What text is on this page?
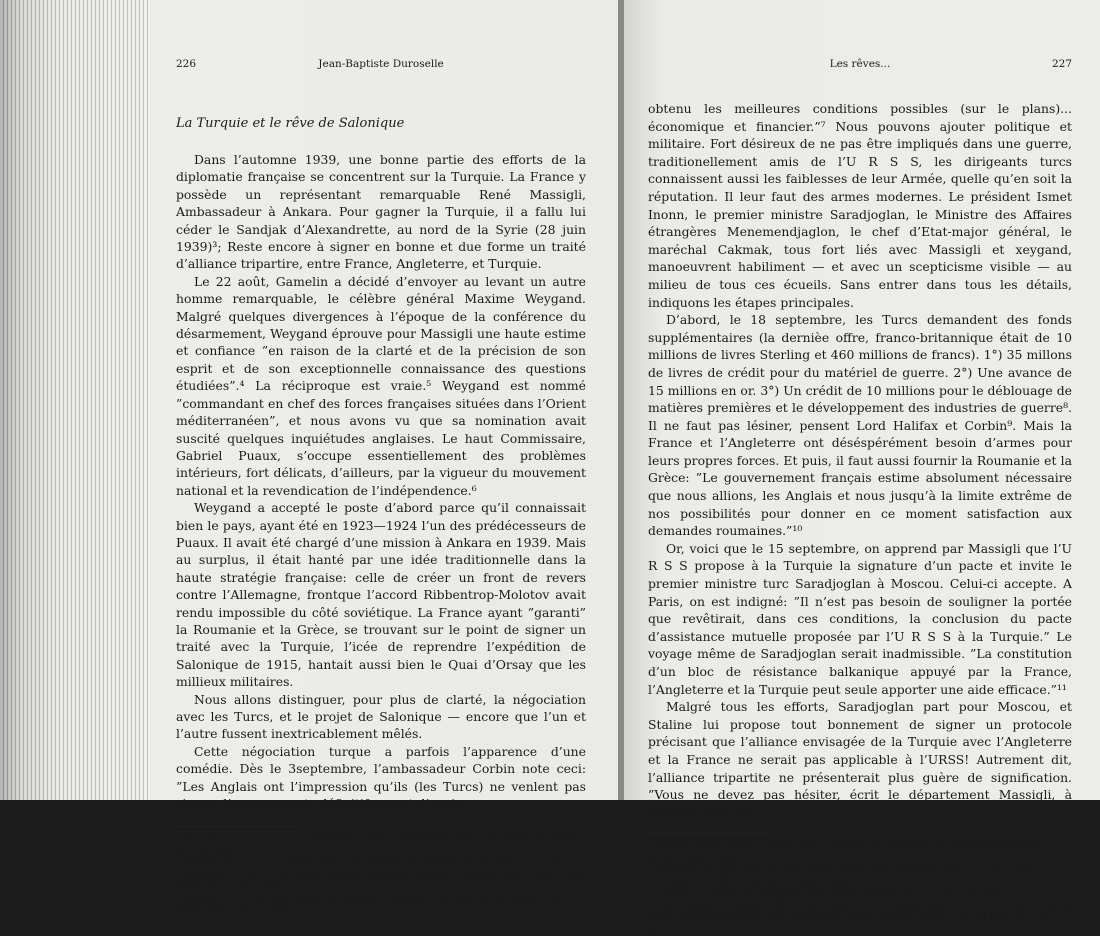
226	Jean-Baptiste Duroselle

La Turquie et le rêve de Salonique

Dans l’automne 1939, une bonne partie des efforts de la diplomatie française se concentrent sur la Turquie. La France y possède un représentant remarquable René Massigli, Ambassadeur à Ankara. Pour gagner la Turquie, il a fallu lui céder le Sandjak d’Alexandrette, au nord de la Syrie (28 juin 1939)³; Reste encore à signer en bonne et due forme un traité d’alliance tripartire, entre France, Angleterre, et Turquie.

Le 22 août, Gamelin a décidé d’envoyer au levant un autre homme remarquable, le célèbre général Maxime Weygand. Malgré quelques divergences à l’époque de la conférence du désarmement, Weygand éprouve pour Massigli une haute estime et confiance ”en raison de la clarté et de la précision de son esprit et de son exceptionnelle connaissance des questions étudiées”.⁴ La réciproque est vraie.⁵ Weygand est nommé ”commandant en chef des forces françaises situées dans l’Orient méditerranéen”, et nous avons vu que sa nomination avait suscité quelques inquiétudes anglaises. Le haut Commissaire, Gabriel Puaux, s’occupe essentiellement des problèmes intérieurs, fort délicats, d’ailleurs, par la vigueur du mouvement national et la revendication de l’indépendence.⁶

Weygand a accepté le poste d’abord parce qu’il connaissait bien le pays, ayant été en 1923—1924 l’un des prédécesseurs de Puaux. Il avait été chargé d’une mission à Ankara en 1939. Mais au surplus, il était hanté par une idée traditionnelle dans la haute stratégie française: celle de créer un front de revers contre l’Allemagne, frontque l’accord Ribbentrop-Molotov avait rendu impossible du côté soviétique. La France ayant ”garanti” la Roumanie et la Grèce, se trouvant sur le point de signer un traité avec la Turquie, l’icée de reprendre l’expédition de Salonique de 1915, hantait aussi bien le Quai d’Orsay que les millieux militaires.

Nous allons distinguer, pour plus de clarté, la négociation avec les Turcs, et le projet de Salonique — encore que l’un et l’autre fussent inextricablement mêlés.

Cette négociation turque a parfois l’apparence d’une comédie. Dès le 3septembre, l’ambassadeur Corbin note ceci: ”Les Anglais ont l’impression qu’ils (les Turcs) ne venlent pas signer d’engagements définitifs avant d’avoir

³ Cf. J.-B. D u r o s e l l e, La Décadence 1932—1939 (Paris 1979. Imprimeric nationale), p. 435—439.

⁴ Maxime W e y g a n d, Mémoires, t. III, Rappelé au service (Paris 1950), cf. p. 19.

⁵ René M a s s i g l i, La Turguie devant la guerre. Mission à Ankara, 1939—1940 (Paris 1964), cf. p. 142—143.

⁶ Gabriel P u a u x, Deux années au Levant — Souvenirs de Syrie et du Liban, 1939—1940 (Paris 1952), 248 p.

Les rêves...	227

obtenu les meilleures conditions possibles (sur le plans)... économique et financier.”⁷ Nous pouvons ajouter politique et militaire. Fort désireux de ne pas être impliqués dans une guerre, traditionellement amis de l’U R S S, les dirigeants turcs connaissent aussi les faiblesses de leur Armée, quelle qu’en soit la réputation. Il leur faut des armes modernes. Le président Ismet Inonn, le premier ministre Saradjoglan, le Ministre des Affaires étrangères Menemendjaglon, le chef d’Etat-major général, le maréchal Cakmak, tous fort liés avec Massigli et xeygand, manoeuvrent habiliment — et avec un scepticisme visible — au milieu de tous ces écueils. Sans entrer dans tous les détails, indiquons les étapes principales.

D’abord, le 18 septembre, les Turcs demandent des fonds supplémentaires (la dernièe offre, franco-britannique était de 10 millions de livres Sterling et 460 millions de francs). 1°) 35 millons de livres de crédit pour du matériel de guerre. 2°) Une avance de 15 millions en or. 3°) Un crédit de 10 millions pour le déblouage de matières premières et le développement des industries de guerre⁸. Il ne faut pas lésiner, pensent Lord Halifax et Corbin⁹. Mais la France et l’Angleterre ont déséspérément besoin d’armes pour leurs propres forces. Et puis, il faut aussi fournir la Roumanie et la Grèce: ”Le gouvernement français estime absolument nécessaire que nous allions, les Anglais et nous jusqu’à la limite extrême de nos possibilités pour donner en ce moment satisfaction aux demandes roumaines.”¹⁰

Or, voici que le 15 septembre, on apprend par Massigli que l’U R S S propose à la Turquie la signature d’un pacte et invite le premier ministre turc Saradjoglan à Moscou. Celui-ci accepte. A Paris, on est indigné: ”Il n’est pas besoin de souligner la portée que revêtirait, dans ces conditions, la conclusion du pacte d’assistance mutuelle proposée par l’U R S S à la Turquie.” Le voyage même de Saradjoglan serait inadmissible. ”La constitution d’un bloc de résistance balkanique appuyé par la France, l’Angleterre et la Turquie peut seule apporter une aide efficace.”¹¹

Malgré tous les efforts, Saradjoglan part pour Moscou, et Staline lui propose tout bonnement de signer un protocole précisant que l’alliance envisagée de la Turquie avec l’Angleterre et la France ne serait pas applicable à l’URSS! Autrement dit, l’alliance tripartite ne présenterait plus guère de signification. ”Vous ne devez pas hésiter, écrit le département Massigli, à marquer aux diri-

⁷ Corbin, 3 sept. 1939. T. 2935—2937. Archives du ministère des Affaires étrangères (MAE) 1940. Londres; M a s s i g l i, p. 251.

⁸ Massigli, 18 sept. 1939. T. 1560—1571. MAE 1940. Londres; M a s s i g l i, p. 254.

⁹ 19 sept. T. 3232—3235. MAE 1940. Londres.

¹⁰ 16 sept. T. 2175—2178 départ. MAE 1940. Londres; M a s s i g l i, p. 272.

¹¹ Pour Ankara, T. départ 1262—1263. MAE 1940. Londres; Paul de V i l l e l u m e, Journal d’une défaite avril 1939—juin 1940 (Paris 1976), 15 sept. 1939, p. 37; M a s s i g l i, p. 269.
